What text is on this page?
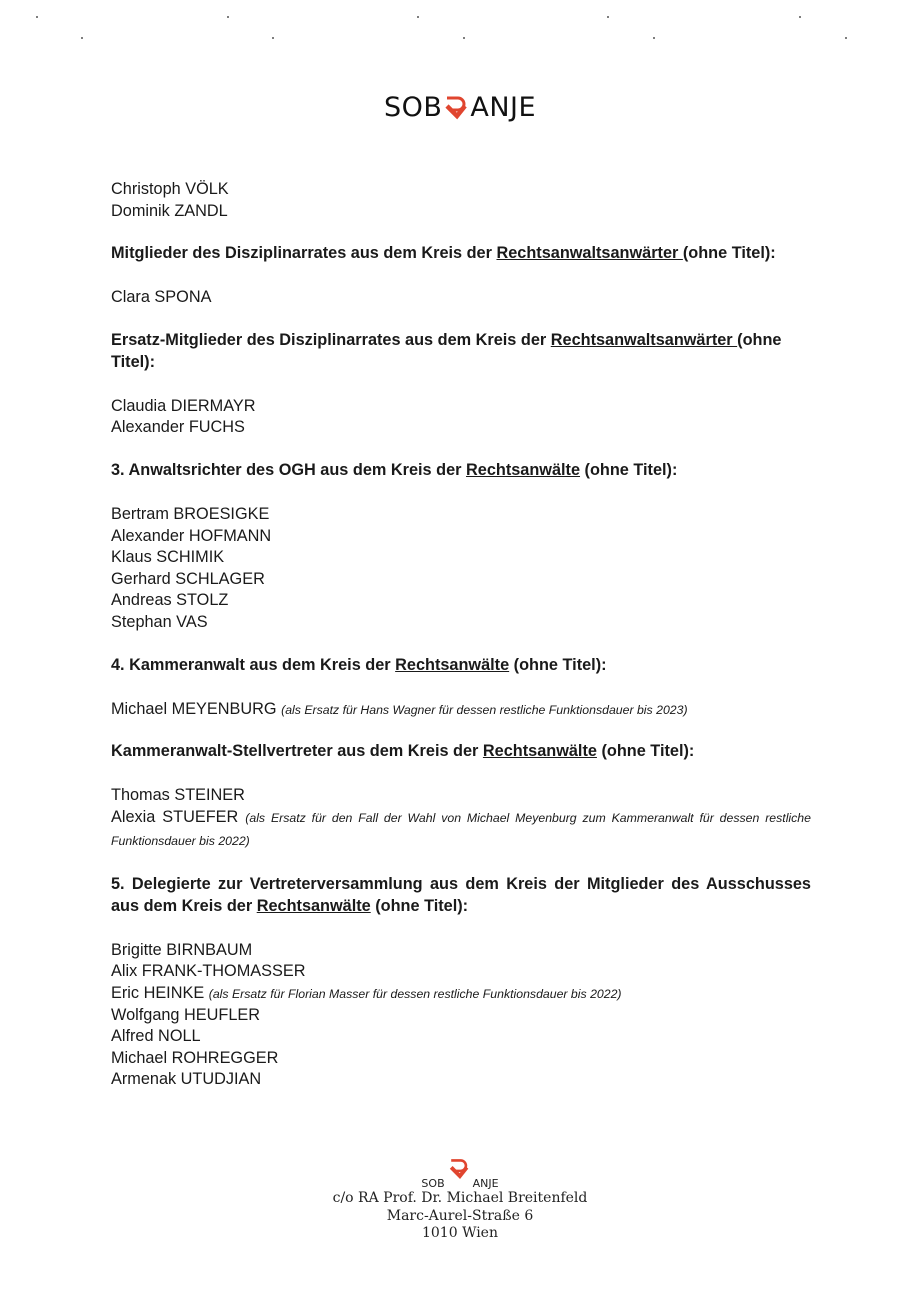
SOB ANJE
Christoph VÖLK
Dominik ZANDL
Mitglieder des Disziplinarrates aus dem Kreis der Rechtsanwaltsanwärter (ohne Titel):
Clara SPONA
Ersatz-Mitglieder des Disziplinarrates aus dem Kreis der Rechtsanwaltsanwärter (ohne Titel):
Claudia DIERMAYR
Alexander FUCHS
3. Anwaltsrichter des OGH aus dem Kreis der Rechtsanwälte (ohne Titel):
Bertram BROESIGKE
Alexander HOFMANN
Klaus SCHIMIK
Gerhard SCHLAGER
Andreas STOLZ
Stephan VAS
4. Kammeranwalt aus dem Kreis der Rechtsanwälte (ohne Titel):
Michael MEYENBURG (als Ersatz für Hans Wagner für dessen restliche Funktionsdauer bis 2023)
Kammeranwalt-Stellvertreter aus dem Kreis der Rechtsanwälte (ohne Titel):
Thomas STEINER
Alexia STUEFER (als Ersatz für den Fall der Wahl von Michael Meyenburg zum Kammeranwalt für dessen restliche Funktionsdauer bis 2022)
5. Delegierte zur Vertreterversammlung aus dem Kreis der Mitglieder des Ausschusses aus dem Kreis der Rechtsanwälte (ohne Titel):
Brigitte BIRNBAUM
Alix FRANK-THOMASSER
Eric HEINKE (als Ersatz für Florian Masser für dessen restliche Funktionsdauer bis 2022)
Wolfgang HEUFLER
Alfred NOLL
Michael ROHREGGER
Armenak UTUDJIAN
SOB	ANJE
c/o RA Prof. Dr. Michael Breitenfeld
Marc-Aurel-Straße 6
1010 Wien
